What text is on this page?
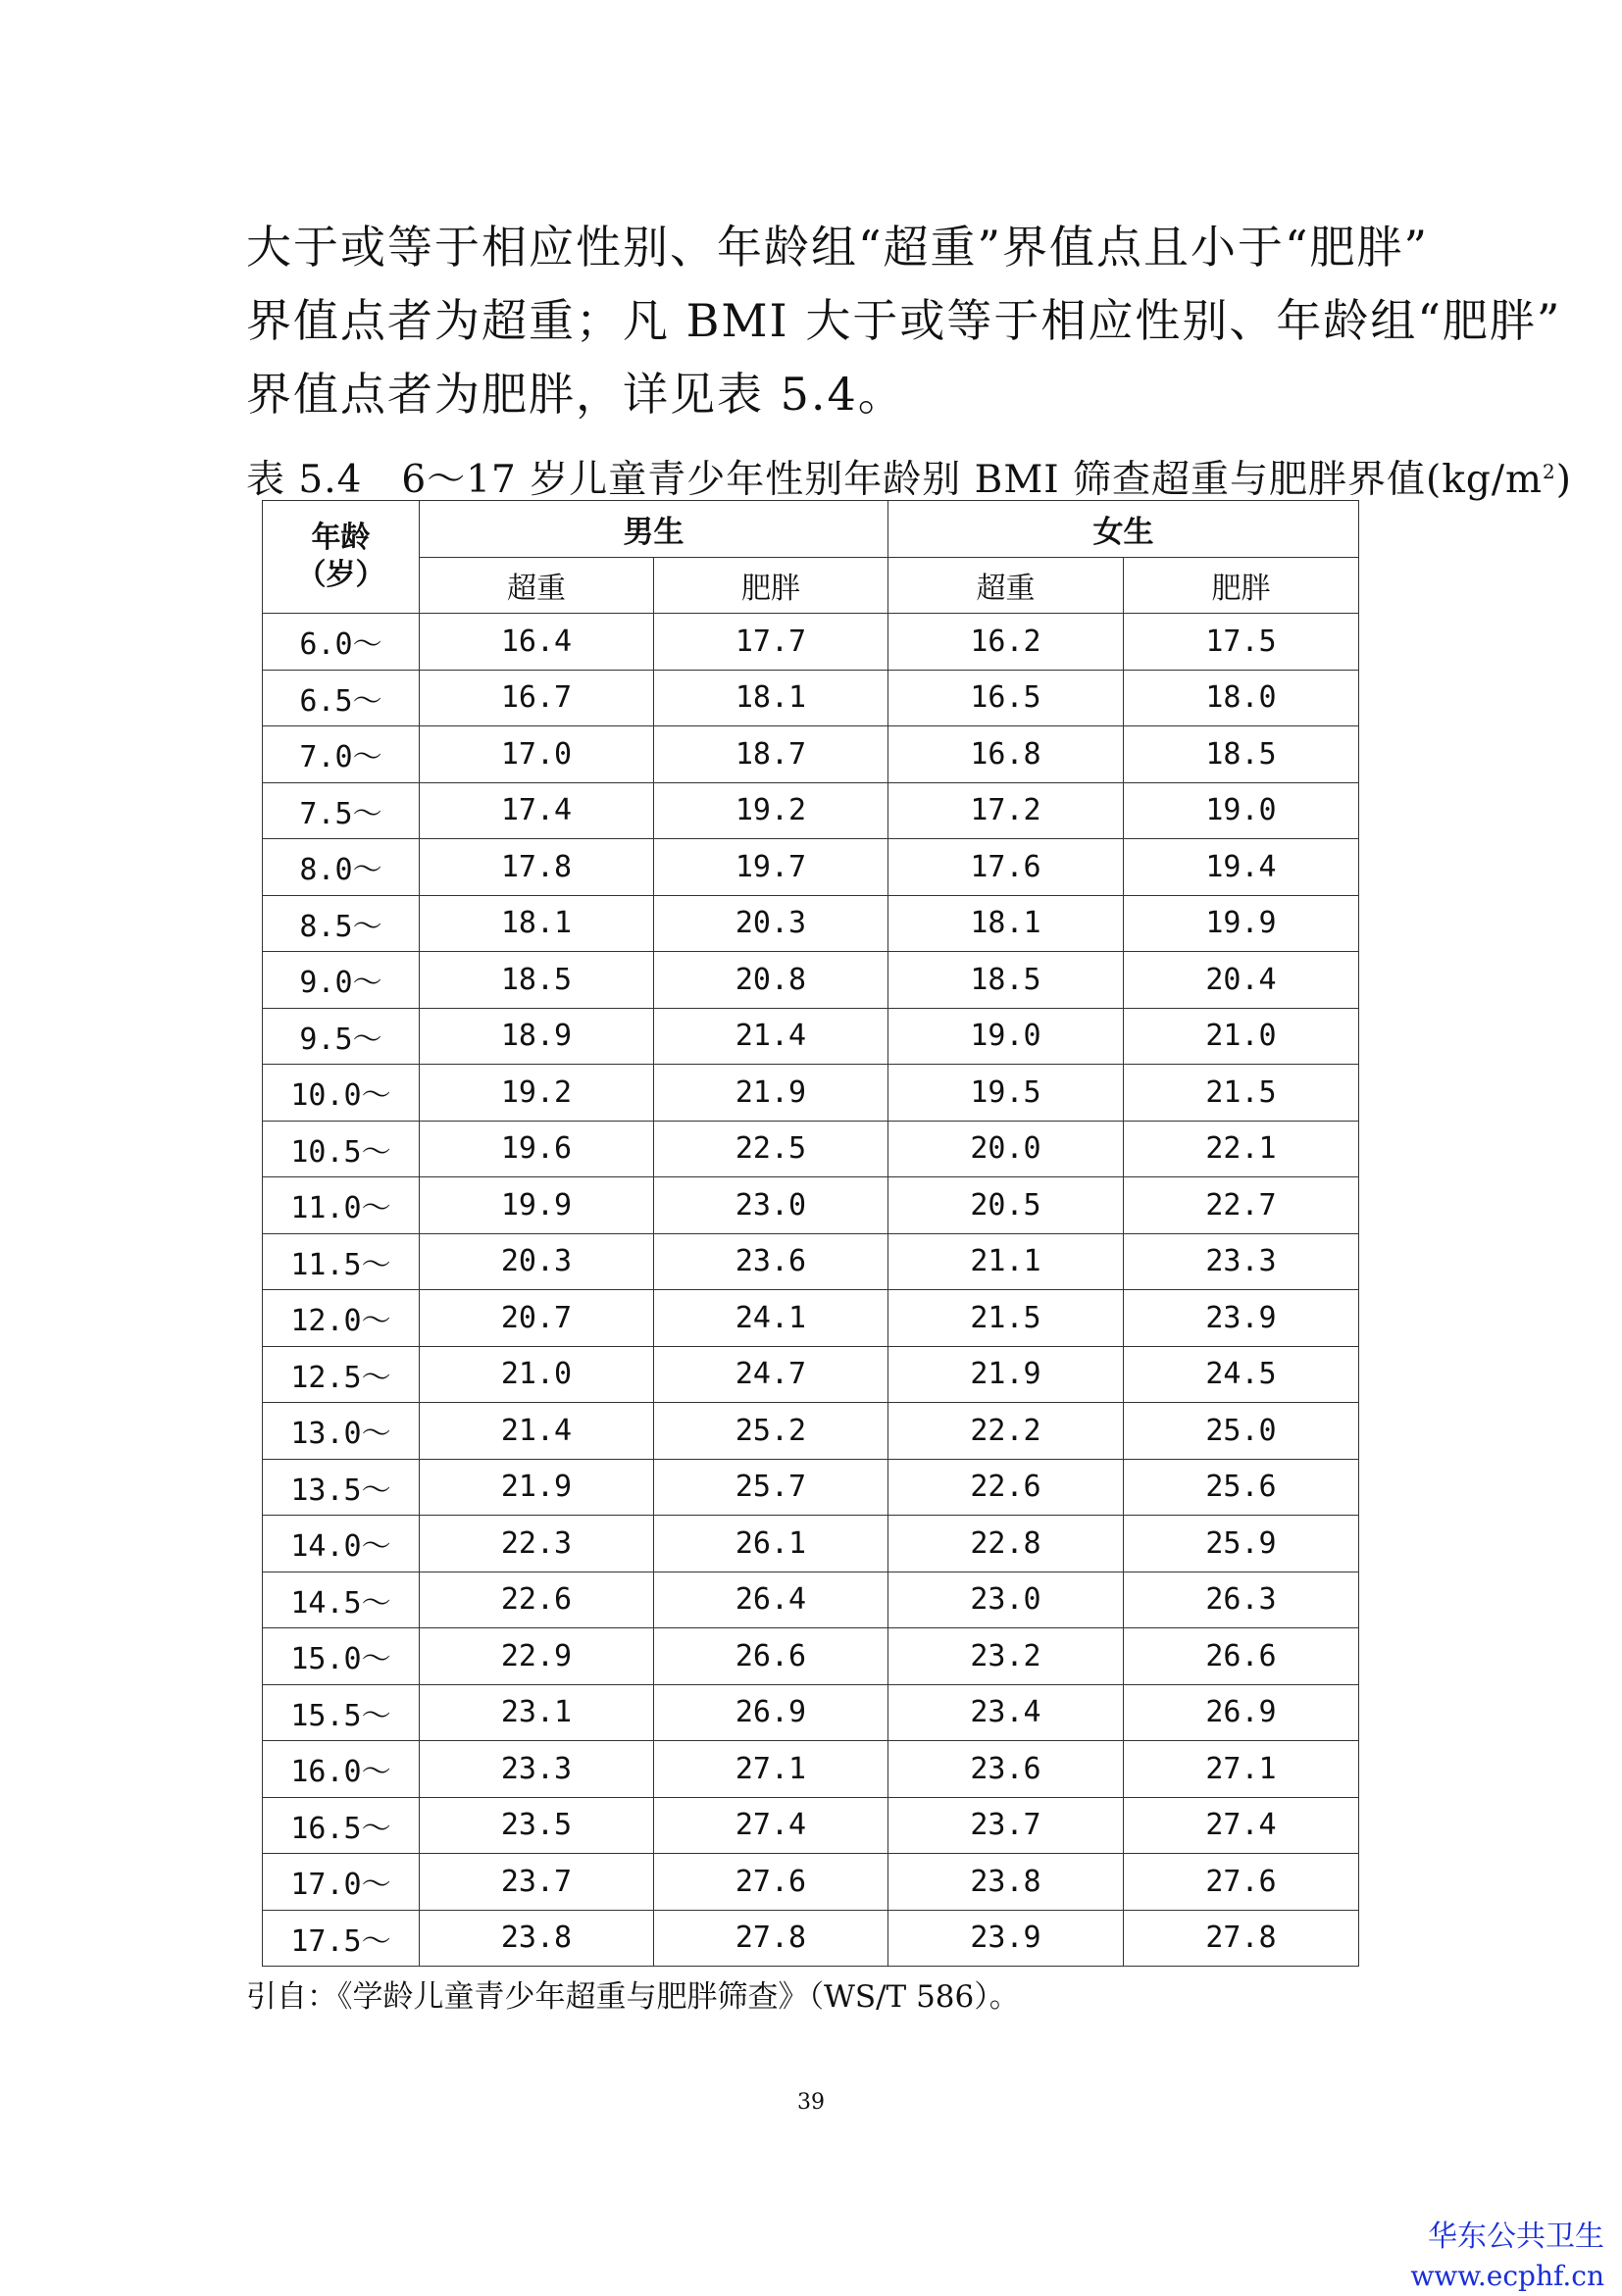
大于或等于相应性别、年龄组“超重”界值点且小于“肥胖”

界值点者为超重；凡 BMI 大于或等于相应性别、年龄组“肥胖”

界值点者为肥胖，详见表 5.4。

表 5.4　6～17 岁儿童青少年性别年龄别 BMI 筛查超重与肥胖界值$(kg/m^2)$
年龄
（岁）	男生		女生	
	超重	肥胖	超重	肥胖
6.0～	16.4	17.7	16.2	17.5
6.5～	16.7	18.1	16.5	18.0
7.0～	17.0	18.7	16.8	18.5
7.5～	17.4	19.2	17.2	19.0
8.0～	17.8	19.7	17.6	19.4
8.5～	18.1	20.3	18.1	19.9
9.0～	18.5	20.8	18.5	20.4
9.5～	18.9	21.4	19.0	21.0
10.0～	19.2	21.9	19.5	21.5
10.5～	19.6	22.5	20.0	22.1
11.0～	19.9	23.0	20.5	22.7
11.5～	20.3	23.6	21.1	23.3
12.0～	20.7	24.1	21.5	23.9
12.5～	21.0	24.7	21.9	24.5
13.0～	21.4	25.2	22.2	25.0
13.5～	21.9	25.7	22.6	25.6
14.0～	22.3	26.1	22.8	25.9
14.5～	22.6	26.4	23.0	26.3
15.0～	22.9	26.6	23.2	26.6
15.5～	23.1	26.9	23.4	26.9
16.0～	23.3	27.1	23.6	27.1
16.5～	23.5	27.4	23.7	27.4
17.0～	23.7	27.6	23.8	27.6
17.5～	23.8	27.8	23.9	27.8
引自：《学龄儿童青少年超重与肥胖筛查》（WS/T 586）。
39
华东公共卫生
www.ecphf.cn
